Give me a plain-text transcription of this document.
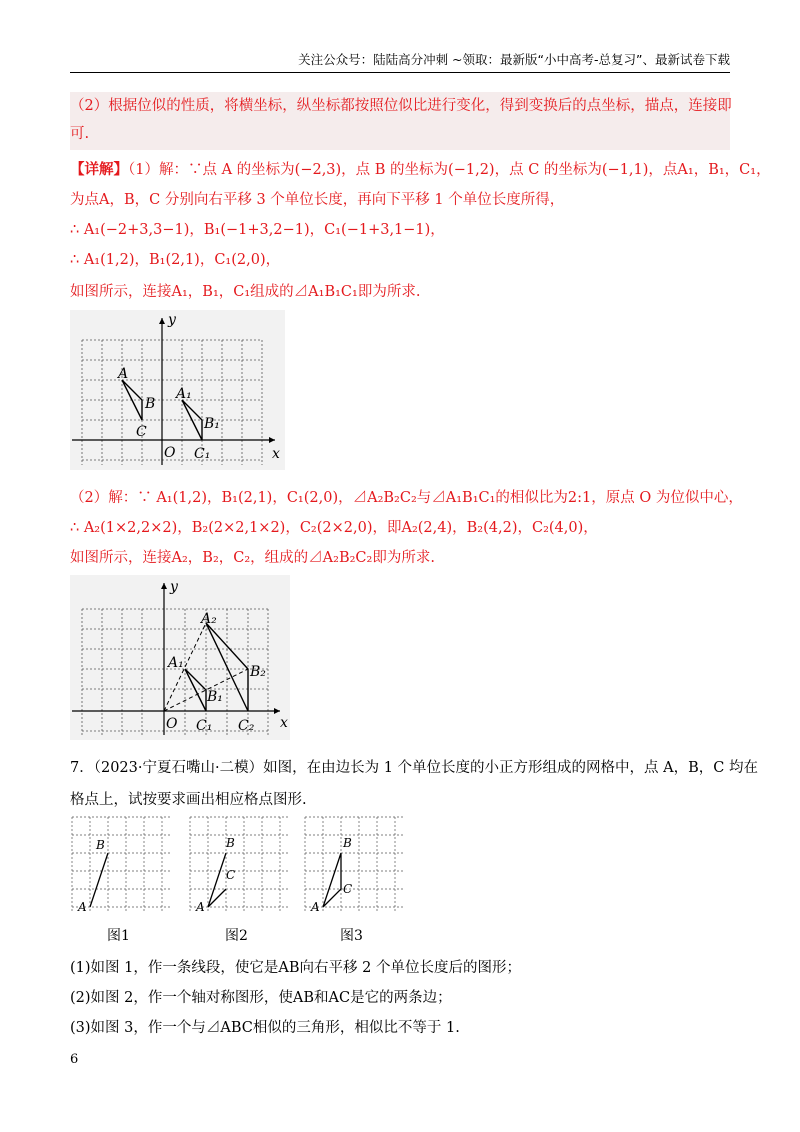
关注公众号：陆陆高分冲刺 ~领取：最新版“小中高考-总复习”、最新试卷下载
（2）根据位似的性质，将横坐标，纵坐标都按照位似比进行变化，得到变换后的点坐标，描点，连接即
可.
【详解】（1）解：∵点 A 的坐标为(−2,3)，点 B 的坐标为(−1,2)，点 C 的坐标为(−1,1)，点A₁，B₁，C₁，
为点A，B，C 分别向右平移 3 个单位长度，再向下平移 1 个单位长度所得，
∴ A₁(−2+3,3−1)，B₁(−1+3,2−1)，C₁(−1+3,1−1)，
∴ A₁(1,2)，B₁(2,1)，C₁(2,0)，
如图所示，连接A₁，B₁，C₁组成的⊿A₁B₁C₁即为所求.
y
x
O
A
B
C
A₁
B₁
C₁
（2）解：∵ A₁(1,2)，B₁(2,1)，C₁(2,0)，⊿A₂B₂C₂与⊿A₁B₁C₁的相似比为2:1，原点 O 为位似中心，
∴ A₂(1×2,2×2)，B₂(2×2,1×2)，C₂(2×2,0)，即A₂(2,4)，B₂(4,2)，C₂(4,0)，
如图所示，连接A₂，B₂，C₂，组成的⊿A₂B₂C₂即为所求.
y
x
O
A₁
B₁
C₁
A₂
B₂
C₂
7．（2023·宁夏石嘴山·二模）如图，在由边长为 1 个单位长度的小正方形组成的网格中，点 A，B，C 均在
格点上，试按要求画出相应格点图形.
B
A
图1
B
C
A
图2
B
C
A
图3
(1)如图 1，作一条线段，使它是AB向右平移 2 个单位长度后的图形；
(2)如图 2，作一个轴对称图形，使AB和AC是它的两条边；
(3)如图 3，作一个与⊿ABC相似的三角形，相似比不等于 1.
6
